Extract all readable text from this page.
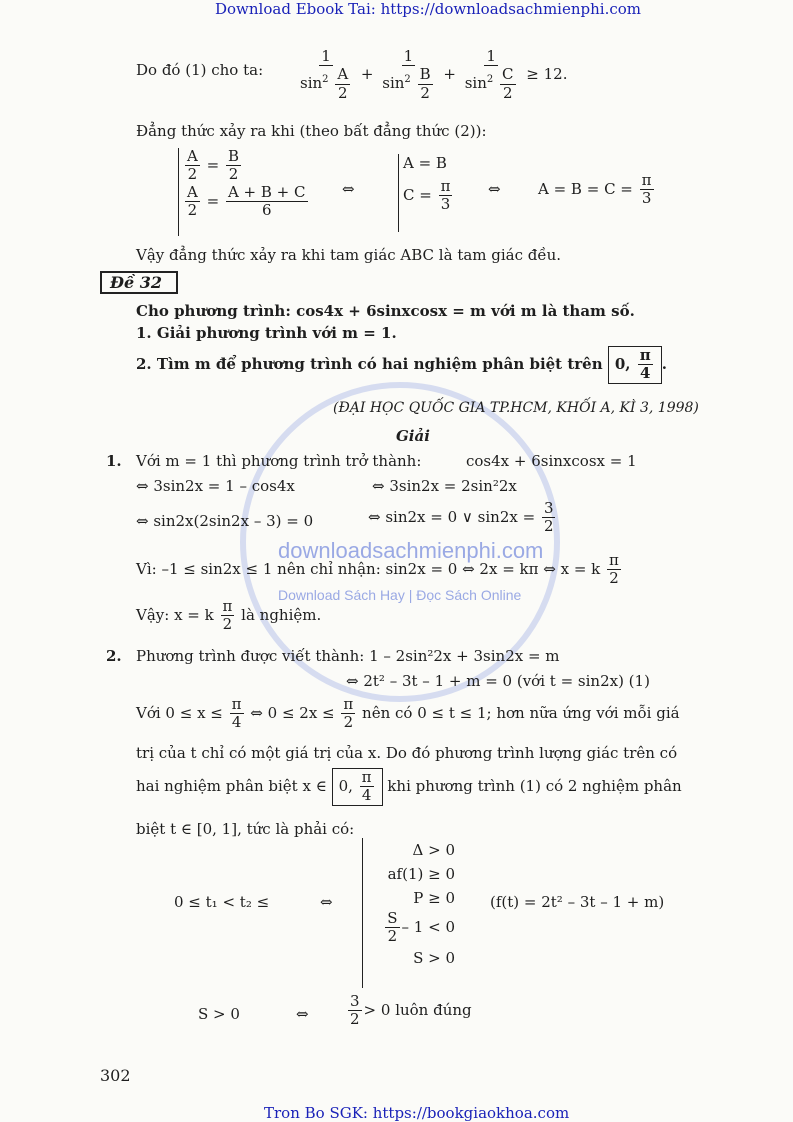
downloadsachmienphi.com
Download Sách Hay | Đọc Sách Online
Download Ebook Tai: https://downloadsachmienphi.com
Tron Bo SGK: https://bookgiaokhoa.com
302
Do đó (1) cho ta: $\frac{1}{\sin^2 \frac{A}{2}} + \frac{1}{\sin^2 \frac{B}{2}} + \frac{1}{\sin^2 \frac{C}{2}} \ge 12$.
Đẳng thức xảy ra khi (theo bất đẳng thức (2)):
$\frac{A}{2} = \frac{B}{2}$
$\frac{A}{2} = \frac{A + B + C}{6}$ ⇔
A = B
$C = \frac{\pi}{3}$ ⇔ $A = B = C = \frac{\pi}{3}$
Vậy đẳng thức xảy ra khi tam giác ABC là tam giác đều.
Đề 32
Cho phương trình: cos4x + 6sinxcosx = m với m là tham số.
1. Giải phương trình với m = 1.
2. Tìm m để phương trình có hai nghiệm phân biệt trên 0, $\frac{\pi}{4}$ .
(ĐẠI HỌC QUỐC GIA TP.HCM, KHỐI A, KÌ 3, 1998)
Giải
1. Với m = 1 thì phương trình trở thành:	cos4x + 6sinxcosx = 1
⇔ 3sin2x = 1 – cos4x	⇔ 3sin2x = 2sin²2x
⇔ sin2x(2sin2x – 3) = 0	⇔ sin2x = 0 ∨ $\sin 2x = \frac{3}{2}$
Vì: –1 ≤ sin2x ≤ 1 nên chỉ nhận: sin2x = 0 ⇔ 2x = kπ ⇔ x = k $\frac{\pi}{2}$
Vậy: x = k $\frac{\pi}{2}$ là nghiệm.
2. Phương trình được viết thành: 1 – 2sin²2x + 3sin2x = m
⇔ 2t² – 3t – 1 + m = 0 (với t = sin2x) (1)
Với $0 \le x \le \frac{\pi}{4}$ ⇔ $0 \le 2x \le \frac{\pi}{2}$ nên có 0 ≤ t ≤ 1; hơn nữa ứng với mỗi giá
trị của t chỉ có một giá trị của x. Do đó phương trình lượng giác trên có
hai nghiệm phân biệt x ∈ 0, $\frac{\pi}{4}$ khi phương trình (1) có 2 nghiệm phân
biệt t ∈ [0, 1], tức là phải có:
0 ≤ t₁ < t₂ ≤	⇔
Δ > 0
af(1) ≥ 0
P ≥ 0
$\frac{S}{2} - 1 < 0$
S > 0
(f(t) = 2t² – 3t – 1 + m)
S > 0	⇔	$\frac{3}{2} > 0$ luôn đúng
